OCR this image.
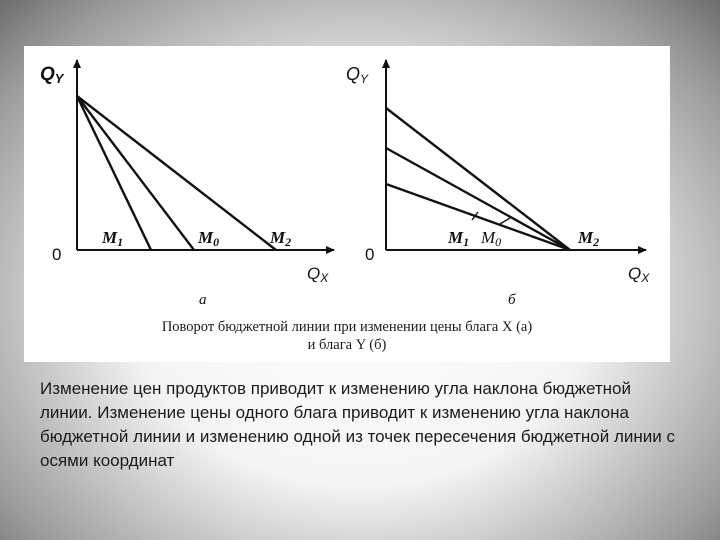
QY
0
QX
M1	M0	M2
а
QY
0
QX
M1 M0	M2
б
Поворот бюджетной линии при изменении цены блага X (а)
и блага Y (б)

Изменение цен продуктов приводит к изменению угла наклона бюджетной линии. Изменение цены одного блага приводит к изменению угла наклона бюджетной линии и изменению одной из точек пересечения бюджетной линии с осями координат
